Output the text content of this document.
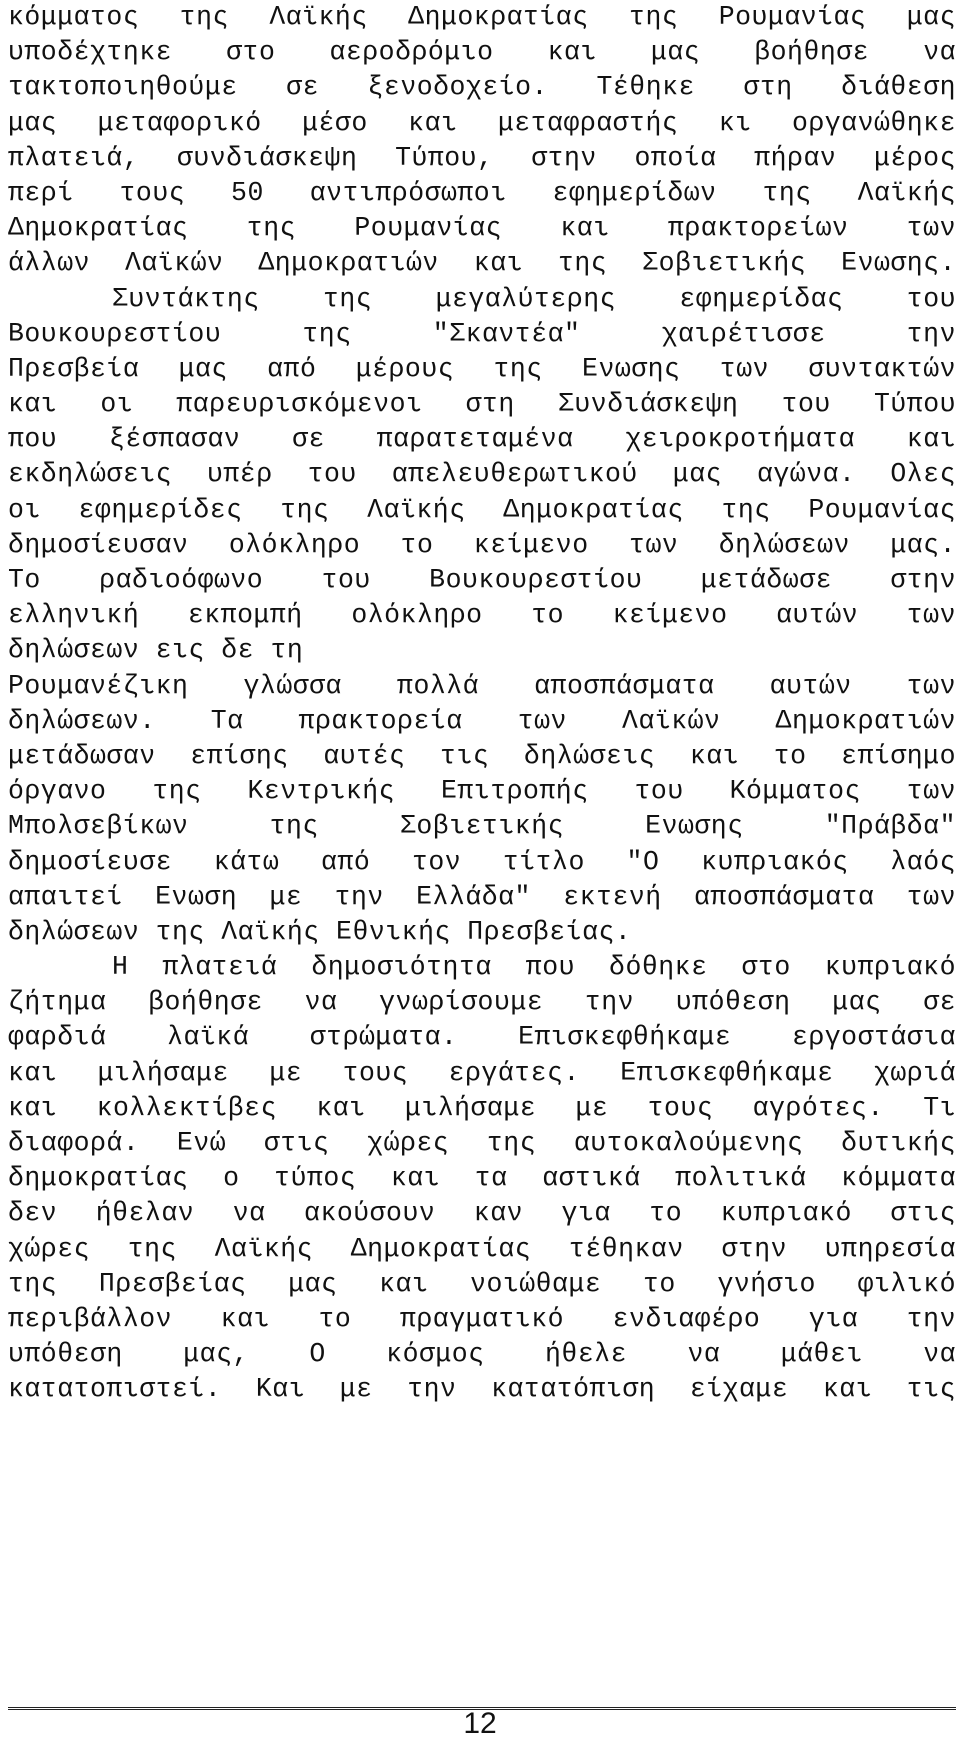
κόμματος της Λαϊκής Δημοκρατίας της Ρουμανίας μας
υποδέχτηκε στο αεροδρόμιο και μας βοήθησε να
τακτοποιηθούμε σε ξενοδοχείο. Τέθηκε στη διάθεση
μας μεταφορικό μέσο και μεταφραστής κι οργανώθηκε
πλατειά, συνδιάσκεψη Τύπου, στην οποία πήραν μέρος
περί τους 50 αντιπρόσωποι εφημερίδων της Λαϊκής
Δημοκρατίας της Ρουμανίας και πρακτορείων των
άλλων Λαϊκών Δημοκρατιών και της Σοβιετικής Ενωσης.
Συντάκτης της μεγαλύτερης εφημερίδας του
Βουκουρεστίου της "Σκαντέα" χαιρέτισσε την
Πρεσβεία μας από μέρους της Ενωσης των συντακτών
και οι παρευρισκόμενοι στη Συνδιάσκεψη του Τύπου
που ξέσπασαν σε παρατεταμένα χειροκροτήματα και
εκδηλώσεις υπέρ του απελευθερωτικού μας αγώνα. Ολες
οι εφημερίδες της Λαϊκής Δημοκρατίας της Ρουμανίας
δημοσίευσαν ολόκληρο το κείμενο των δηλώσεων μας.
Το ραδιοόφωνο του Βουκουρεστίου μετάδωσε στην
ελληνική εκπομπή ολόκληρο το κείμενο αυτών των
δηλώσεων εις δε τη
Ρουμανέζικη γλώσσα πολλά αποσπάσματα αυτών των
δηλώσεων. Τα πρακτορεία των Λαϊκών Δημοκρατιών
μετάδωσαν επίσης αυτές τις δηλώσεις και το επίσημο
όργανο της Κεντρικής Επιτροπής του Κόμματος των
Μπολσεβίκων της Σοβιετικής Ενωσης "Πράβδα"
δημοσίευσε κάτω από τον τίτλο "Ο κυπριακός λαός
απαιτεί Ενωση με την Ελλάδα" εκτενή αποσπάσματα των
δηλώσεων της Λαϊκής Εθνικής Πρεσβείας.
Η πλατειά δημοσιότητα που δόθηκε στο κυπριακό
ζήτημα βοήθησε να γνωρίσουμε την υπόθεση μας σε
φαρδιά λαϊκά στρώματα. Επισκεφθήκαμε εργοστάσια
και μιλήσαμε με τους εργάτες. Επισκεφθήκαμε χωριά
και κολλεκτίβες και μιλήσαμε με τους αγρότες. Τι
διαφορά. Ενώ στις χώρες της αυτοκαλούμενης δυτικής
δημοκρατίας ο τύπος και τα αστικά πολιτικά κόμματα
δεν ήθελαν να ακούσουν καν για το κυπριακό στις
χώρες της Λαϊκής Δημοκρατίας τέθηκαν στην υπηρεσία
της Πρεσβείας μας και νοιώθαμε το γνήσιο φιλικό
περιβάλλον και το πραγματικό ενδιαφέρο για την
υπόθεση μας, Ο κόσμος ήθελε να μάθει να
κατατοπιστεί. Και με την κατατόπιση είχαμε και τις
12
